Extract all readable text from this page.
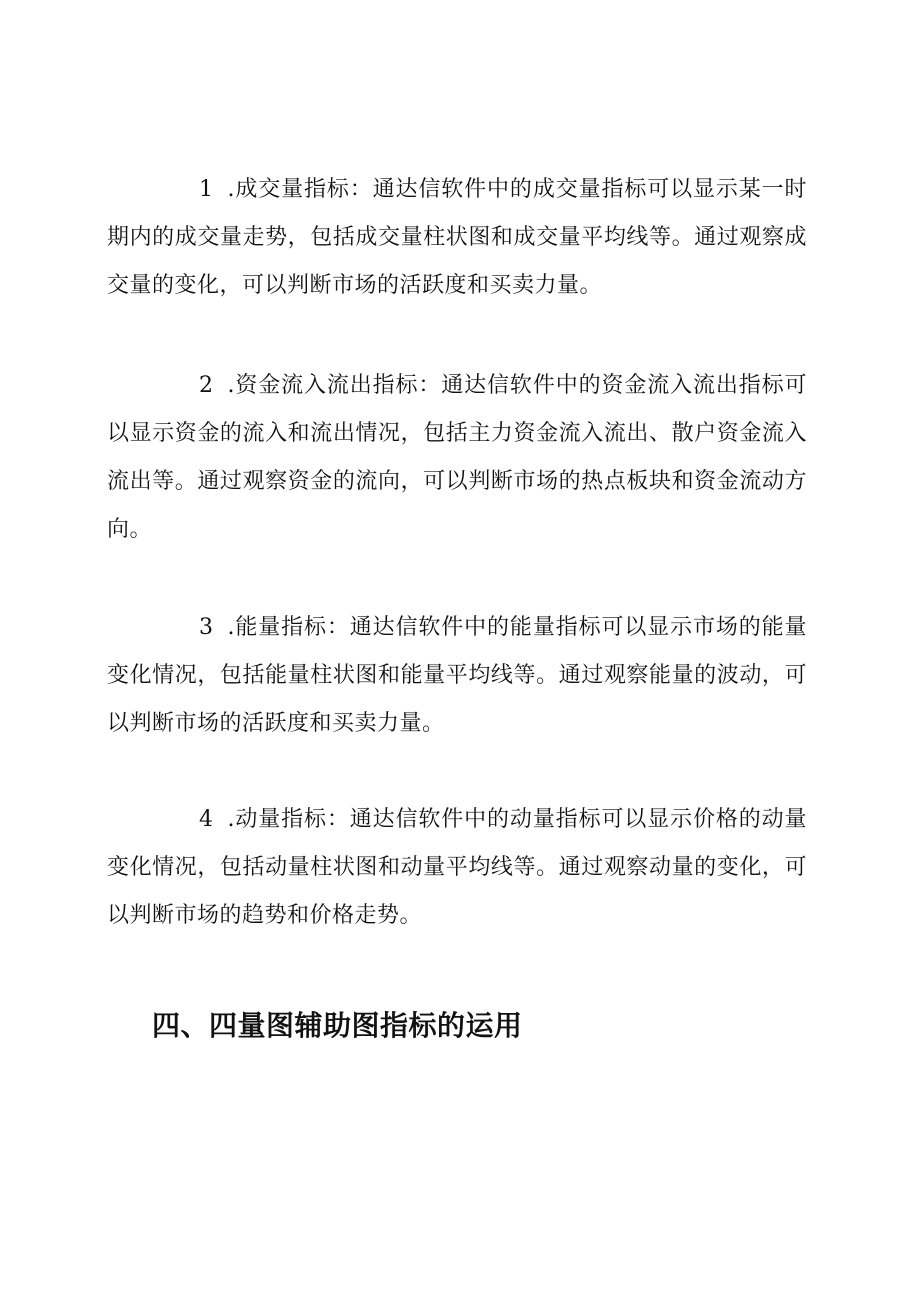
1 .成交量指标：通达信软件中的成交量指标可以显示某一时期内的成交量走势，包括成交量柱状图和成交量平均线等。通过观察成交量的变化，可以判断市场的活跃度和买卖力量。

2 .资金流入流出指标：通达信软件中的资金流入流出指标可以显示资金的流入和流出情况，包括主力资金流入流出、散户资金流入流出等。通过观察资金的流向，可以判断市场的热点板块和资金流动方向。

3 .能量指标：通达信软件中的能量指标可以显示市场的能量变化情况，包括能量柱状图和能量平均线等。通过观察能量的波动，可以判断市场的活跃度和买卖力量。

4 .动量指标：通达信软件中的动量指标可以显示价格的动量变化情况，包括动量柱状图和动量平均线等。通过观察动量的变化，可以判断市场的趋势和价格走势。

四、四量图辅助图指标的运用
